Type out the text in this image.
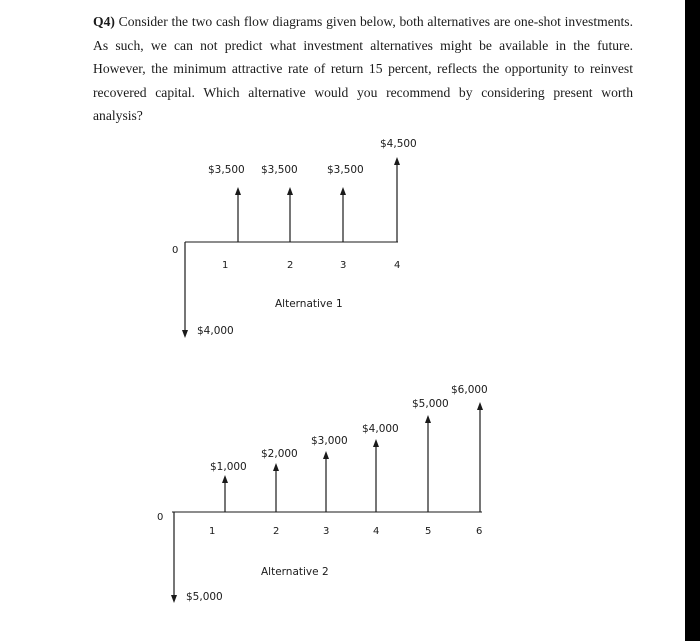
Q4) Consider the two cash flow diagrams given below, both alternatives are one-shot investments. As such, we can not predict what investment alternatives might be available in the future. However, the minimum attractive rate of return 15 percent, reflects the opportunity to reinvest recovered capital. Which alternative would you recommend by considering present worth analysis?
0
$4,000
$3,500
1
$3,500
2
$3,500
3
$4,500
4
Alternative 1
0
$5,000
$1,000
1
$2,000
2
$3,000
3
$4,000
4
$5,000
5
$6,000
6
Alternative 2
